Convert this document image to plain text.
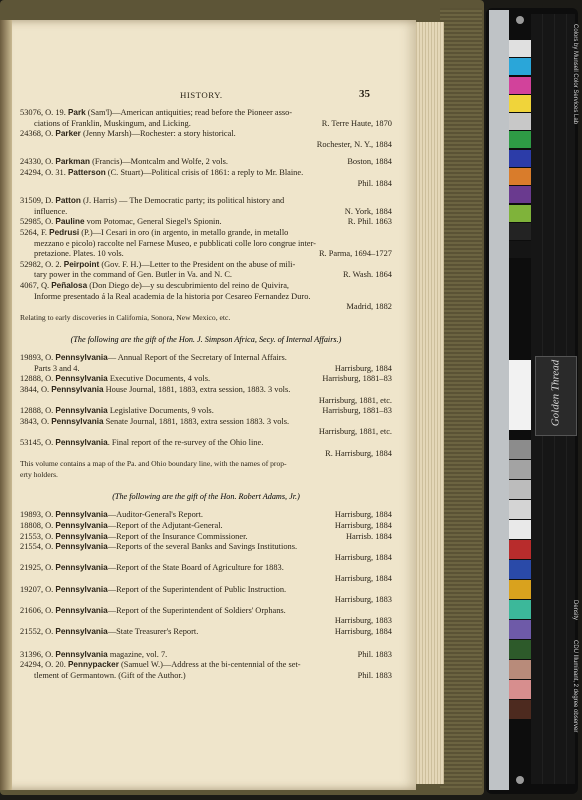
HISTORY.	35
53076, O. 19. Park (Sam'l)—American antiquities; read before the Pioneer asso-
ciations of Franklin, Muskingum, and Licking.	R. Terre Haute, 1870
24368, O. Parker (Jenny Marsh)—Rochester: a story historical.
Rochester, N. Y., 1884
24330, O. Parkman (Francis)—Montcalm and Wolfe, 2 vols.	Boston, 1884
24294, O. 31. Patterson (C. Stuart)—Political crisis of 1861: a reply to Mr. Blaine.
Phil. 1884
31509, D. Patton (J. Harris) — The Democratic party; its political history and
influence.	N. York, 1884
52985, O. Pauline vom Potomac, General Siegel's Spionin.	R. Phil. 1863
5264, F. Pedrusi (P.)—I Cesari in oro (in argento, in metallo grande, in metallo
mezzano e picolo) raccolte nel Farnese Museo, e pubblicati colle loro congrue inter-
pretazione. Plates. 10 vols.	R. Parma, 1694–1727
52982, O. 2. Peirpoint (Gov. F. H.)—Letter to the President on the abuse of mili-
tary power in the command of Gen. Butler in Va. and N. C.	R. Wash. 1864
4067, Q. Peñalosa (Don Diego de)—y su descubrimiento del reino de Quivira,
Informe presentado á la Real academia de la historia por Cesareo Fernandez Duro.
Madrid, 1882
Relating to early discoveries in California, Sonora, New Mexico, etc.
(The following are the gift of the Hon. J. Simpson Africa, Secy. of Internal Affairs.)
19893, O. Pennsylvania— Annual Report of the Secretary of Internal Affairs.
Parts 3 and 4.	Harrisburg, 1884
12888, O. Pennsylvania Executive Documents, 4 vols.	Harrisburg, 1881–83
3844, O. Pennsylvania House Journal, 1881, 1883, extra session, 1883. 3 vols.
Harrisburg, 1881, etc.
12888, O. Pennsylvania Legislative Documents, 9 vols.	Harrisburg, 1881–83
3843, O. Pennsylvania Senate Journal, 1881, 1883, extra session 1883. 3 vols.
Harrisburg, 1881, etc.
53145, O. Pennsylvania. Final report of the re-survey of the Ohio line.
R. Harrisburg, 1884
This volume contains a map of the Pa. and Ohio boundary line, with the names of prop-
erty holders.
(The following are the gift of the Hon. Robert Adams, Jr.)
19893, O. Pennsylvania—Auditor-General's Report.	Harrisburg, 1884
18808, O. Pennsylvania—Report of the Adjutant-General.	Harrisburg, 1884
21553, O. Pennsylvania—Report of the Insurance Commissioner.	Harrisb. 1884
21554, O. Pennsylvania—Reports of the several Banks and Savings Institutions.
Harrisburg, 1884
21925, O. Pennsylvania—Report of the State Board of Agriculture for 1883.
Harrisburg, 1884
19207, O. Pennsylvania—Report of the Superintendent of Public Instruction.
Harrisburg, 1883
21606, O. Pennsylvania—Report of the Superintendent of Soldiers' Orphans.
Harrisburg, 1883
21552, O. Pennsylvania—State Treasurer's Report.	Harrisburg, 1884
31396, O. Pennsylvania magazine, vol. 7.	Phil. 1883
24294, O. 20. Pennypacker (Samuel W.)—Address at the bi-centennial of the set-
tlement of Germantown. (Gift of the Author.)	Phil. 1883
Golden Thread
Colors by Munsell Color Services Lab
Density
CDU Illuminant, 2 degree observer
